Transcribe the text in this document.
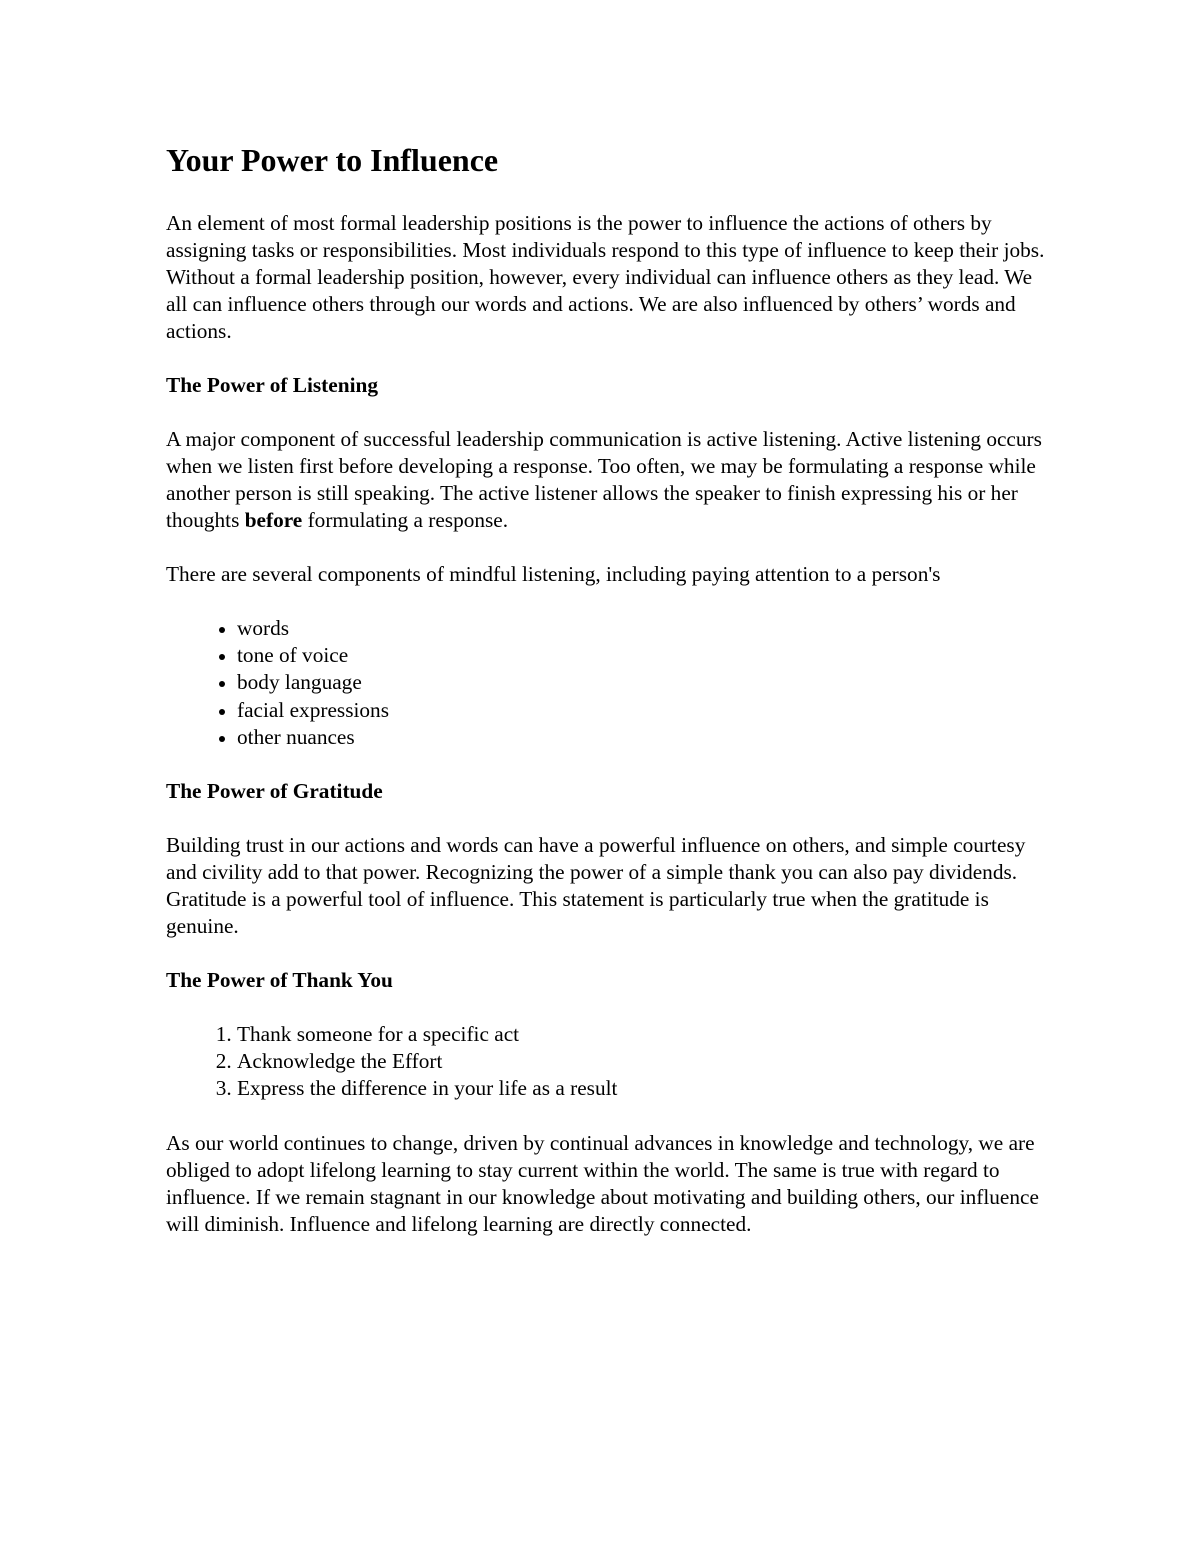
Your Power to Influence

An element of most formal leadership positions is the power to influence the actions of others by assigning tasks or responsibilities. Most individuals respond to this type of influence to keep their jobs. Without a formal leadership position, however, every individual can influence others as they lead. We all can influence others through our words and actions. We are also influenced by others’ words and actions.

The Power of Listening

A major component of successful leadership communication is active listening. Active listening occurs when we listen first before developing a response. Too often, we may be formulating a response while another person is still speaking. The active listener allows the speaker to finish expressing his or her thoughts before formulating a response.

There are several components of mindful listening, including paying attention to a person's

• words
• tone of voice
• body language
• facial expressions
• other nuances
The Power of Gratitude

Building trust in our actions and words can have a powerful influence on others, and simple courtesy and civility add to that power. Recognizing the power of a simple thank you can also pay dividends. Gratitude is a powerful tool of influence. This statement is particularly true when the gratitude is genuine.

The Power of Thank You
1. Thank someone for a specific act
2. Acknowledge the Effort
3. Express the difference in your life as a result

As our world continues to change, driven by continual advances in knowledge and technology, we are obliged to adopt lifelong learning to stay current within the world. The same is true with regard to influence. If we remain stagnant in our knowledge about motivating and building others, our influence will diminish. Influence and lifelong learning are directly connected.
